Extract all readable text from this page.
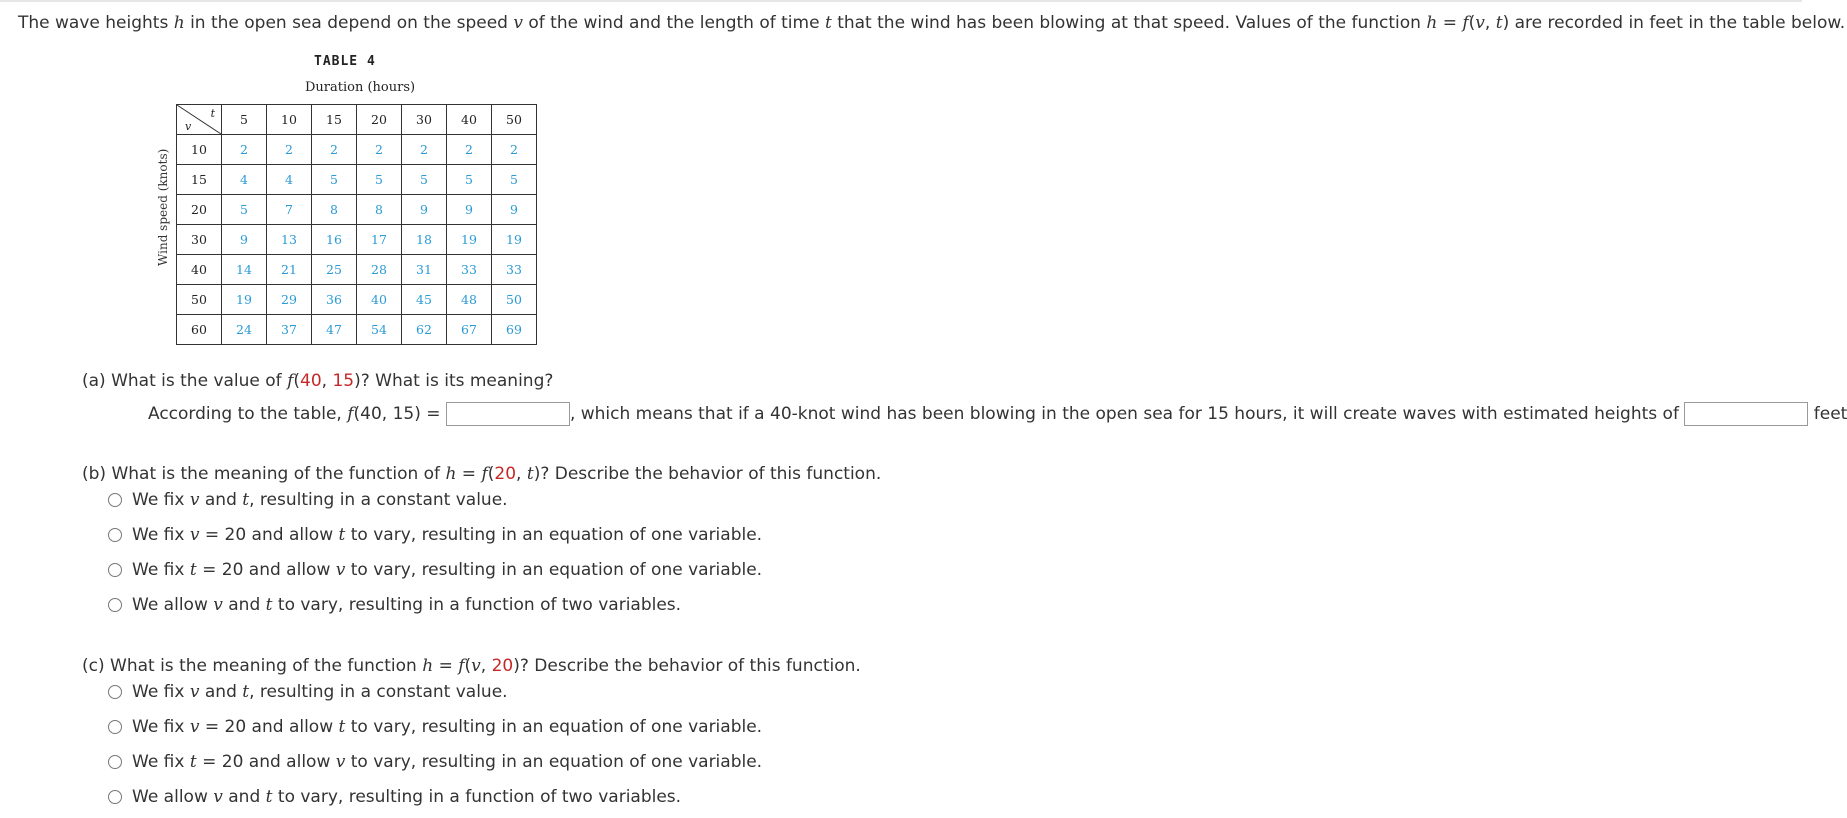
The wave heights h in the open sea depend on the speed v of the wind and the length of time t that the wind has been blowing at that speed. Values of the function h = f(v, t) are recorded in feet in the table below.
TABLE 4
Duration (hours)
Wind speed (knots)
t
v	5	10	15	20	30	40	50
10	2	2	2	2	2	2	2
15	4	4	5	5	5	5	5
20	5	7	8	8	9	9	9
30	9	13	16	17	18	19	19
40	14	21	25	28	31	33	33
50	19	29	36	40	45	48	50
60	24	37	47	54	62	67	69
(a) What is the value of f(40, 15)? What is its meaning?
According to the table, f(40, 15) =	, which means that if a 40-knot wind has been blowing in the open sea for 15 hours, it will create waves with estimated heights of	feet
(b) What is the meaning of the function of h = f(20, t)? Describe the behavior of this function.
We fix v and t, resulting in a constant value.
We fix v = 20 and allow t to vary, resulting in an equation of one variable.
We fix t = 20 and allow v to vary, resulting in an equation of one variable.
We allow v and t to vary, resulting in a function of two variables.
(c) What is the meaning of the function h = f(v, 20)? Describe the behavior of this function.
We fix v and t, resulting in a constant value.
We fix v = 20 and allow t to vary, resulting in an equation of one variable.
We fix t = 20 and allow v to vary, resulting in an equation of one variable.
We allow v and t to vary, resulting in a function of two variables.
